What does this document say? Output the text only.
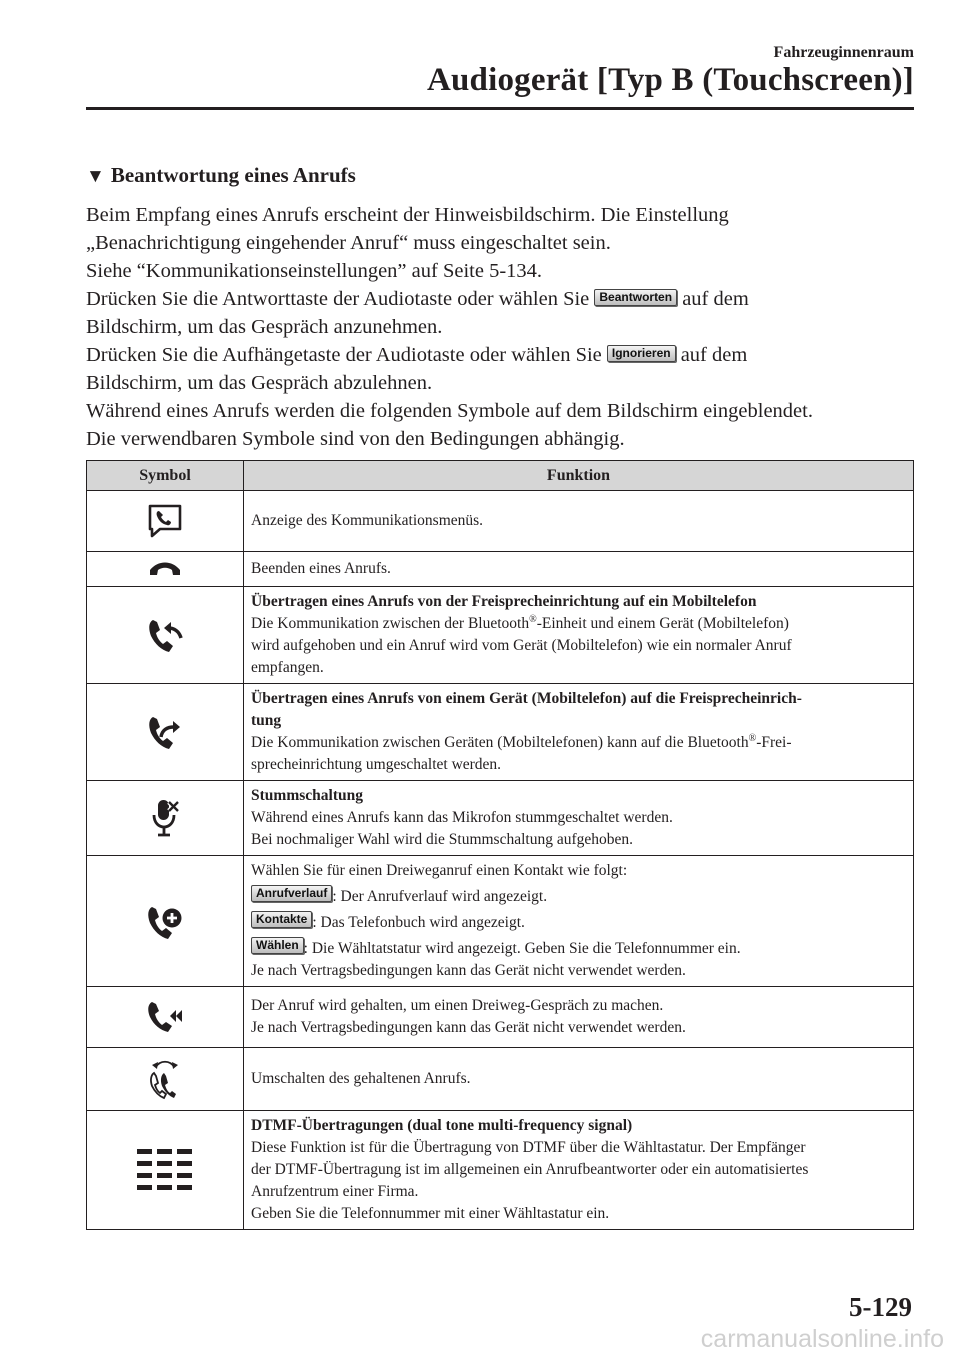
Fahrzeuginnenraum
Audiogerät [Typ B (Touchscreen)]
▼ Beantwortung eines Anrufs

Beim Empfang eines Anrufs erscheint der Hinweisbildschirm. Die Einstellung

„Benachrichtigung eingehender Anruf“ muss eingeschaltet sein.

Siehe “Kommunikationseinstellungen” auf Seite 5-134.

Drücken Sie die Antworttaste der Audiotaste oder wählen Sie Beantworten auf dem

Bildschirm, um das Gespräch anzunehmen.

Drücken Sie die Aufhängetaste der Audiotaste oder wählen Sie Ignorieren auf dem

Bildschirm, um das Gespräch abzulehnen.

Während eines Anrufs werden die folgenden Symbole auf dem Bildschirm eingeblendet.

Die verwendbaren Symbole sind von den Bedingungen abhängig.

Symbol	Funktion
	Anzeige des Kommunikationsmenüs.
	Beenden eines Anrufs.

Übertragen eines Anrufs von der Freisprecheinrichtung auf ein Mobiltelefon
Die Kommunikation zwischen der Bluetooth®-Einheit und einem Gerät (Mobiltelefon)
wird aufgehoben und ein Anruf wird vom Gerät (Mobiltelefon) wie ein normaler Anruf
empfangen.

Übertragen eines Anrufs von einem Gerät (Mobiltelefon) auf die Freisprecheinrich-
tung
Die Kommunikation zwischen Geräten (Mobiltelefonen) kann auf die Bluetooth®-Frei-
sprecheinrichtung umgeschaltet werden.

Stummschaltung
Während eines Anrufs kann das Mikrofon stummgeschaltet werden.
Bei nochmaliger Wahl wird die Stummschaltung aufgehoben.

Wählen Sie für einen Dreiweganruf einen Kontakt wie folgt:
Anrufverlauf : Der Anrufverlauf wird angezeigt.
Kontakte : Das Telefonbuch wird angezeigt.
Wählen : Die Wähltatstatur wird angezeigt. Geben Sie die Telefonnummer ein.
Je nach Vertragsbedingungen kann das Gerät nicht verwendet werden.

Der Anruf wird gehalten, um einen Dreiweg-Gespräch zu machen.
Je nach Vertragsbedingungen kann das Gerät nicht verwendet werden.

	Umschalten des gehaltenen Anrufs.

DTMF-Übertragungen (dual tone multi-frequency signal)
Diese Funktion ist für die Übertragung von DTMF über die Wähltastatur. Der Empfänger
der DTMF-Übertragung ist im allgemeinen ein Anrufbeantworter oder ein automatisiertes
Anrufzentrum einer Firma.
Geben Sie die Telefonnummer mit einer Wähltastatur ein.
5-129
carmanualsonline.info
